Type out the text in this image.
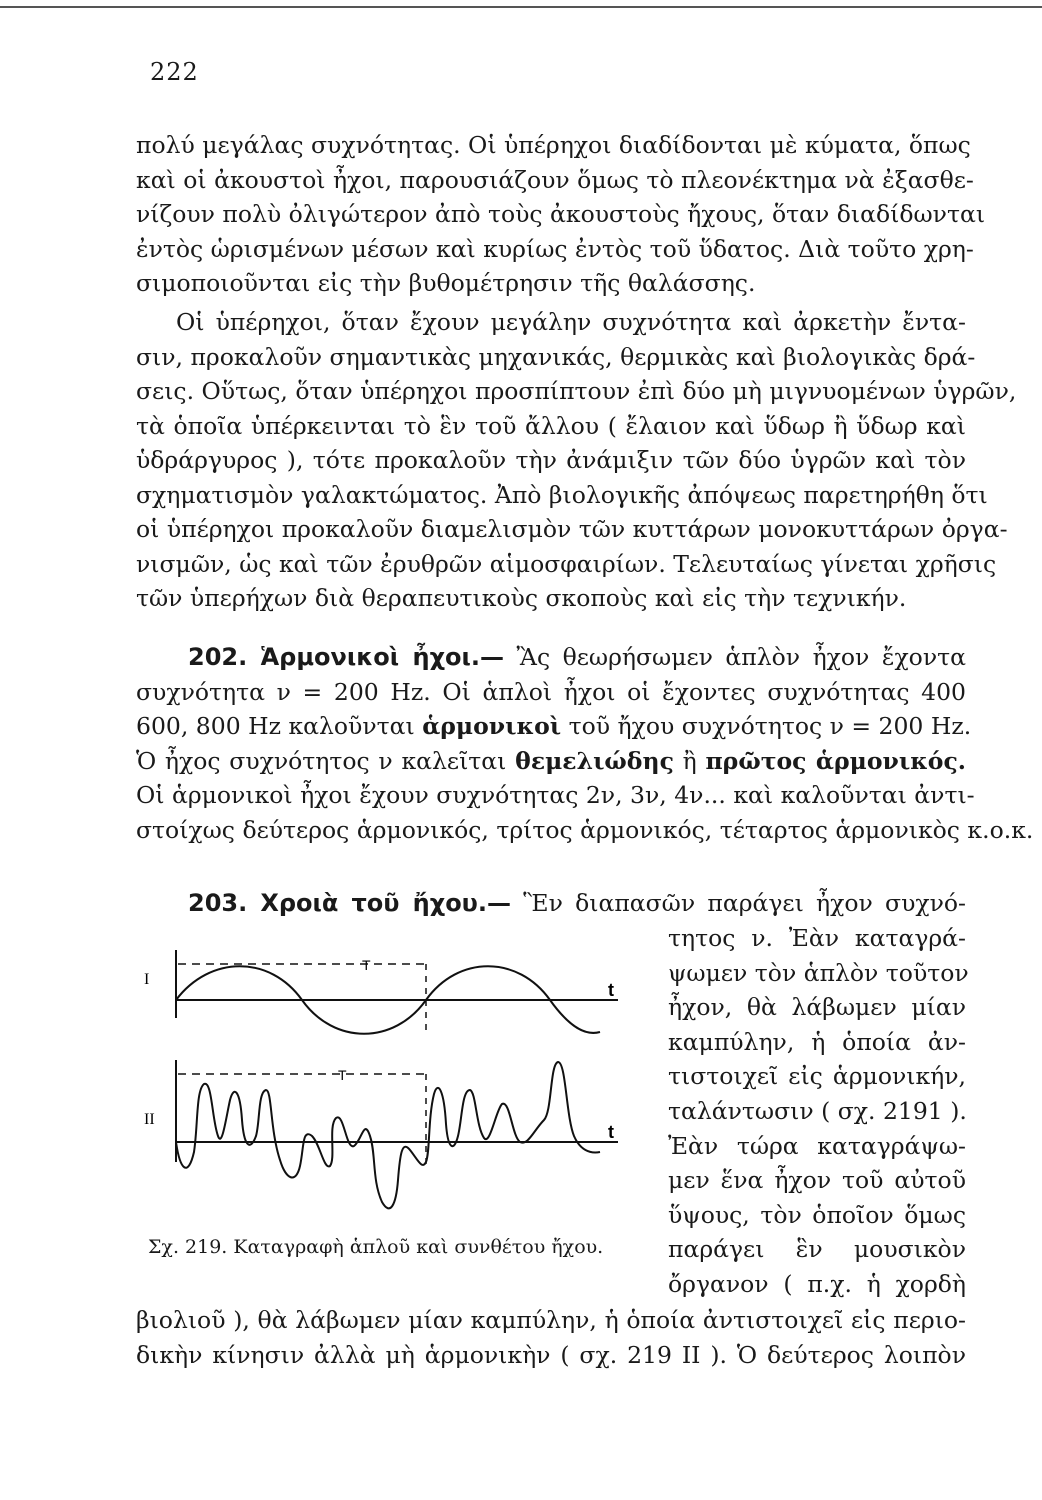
222
πολύ μεγάλας συχνότητας. Οἱ ὑπέρηχοι διαδίδονται μὲ κύματα, ὅπως
καὶ οἱ ἀκουστοὶ ἦχοι, παρουσιάζουν ὅμως τὸ πλεονέκτημα νὰ ἐξασθε-
νίζουν πολὺ ὀλιγώτερον ἀπὸ τοὺς ἀκουστοὺς ἤχους, ὅταν διαδίδωνται
ἐντὸς ὡρισμένων μέσων καὶ κυρίως ἐντὸς τοῦ ὕδατος. Διὰ τοῦτο χρη-
σιμοποιοῦνται εἰς τὴν βυθομέτρησιν τῆς θαλάσσης.
Οἱ ὑπέρηχοι, ὅταν ἔχουν μεγάλην συχνότητα καὶ ἀρκετὴν ἔντα-
σιν, προκαλοῦν σημαντικὰς μηχανικάς, θερμικὰς καὶ βιολογικὰς δρά-
σεις. Οὕτως, ὅταν ὑπέρηχοι προσπίπτουν ἐπὶ δύο μὴ μιγνυομένων ὑγρῶν,
τὰ ὁποῖα ὑπέρκεινται τὸ ἓν τοῦ ἄλλου ( ἔλαιον καὶ ὕδωρ ἢ ὕδωρ καὶ
ὑδράργυρος ), τότε προκαλοῦν τὴν ἀνάμιξιν τῶν δύο ὑγρῶν καὶ τὸν
σχηματισμὸν γαλακτώματος. Ἀπὸ βιολογικῆς ἀπόψεως παρετηρήθη ὅτι
οἱ ὑπέρηχοι προκαλοῦν διαμελισμὸν τῶν κυττάρων μονοκυττάρων ὀργα-
νισμῶν, ὡς καὶ τῶν ἐρυθρῶν αἱμοσφαιρίων. Τελευταίως γίνεται χρῆσις
τῶν ὑπερήχων διὰ θεραπευτικοὺς σκοποὺς καὶ εἰς τὴν τεχνικήν.
202. Ἁρμονικοὶ ἦχοι.— Ἂς θεωρήσωμεν ἁπλὸν ἦχον ἔχοντα
συχνότητα ν = 200 Hz. Οἱ ἁπλοὶ ἦχοι οἱ ἔχοντες συχνότητας 400
600, 800 Hz καλοῦνται ἁρμονικοὶ τοῦ ἤχου συχνότητος ν = 200 Hz.
Ὁ ἦχος συχνότητος ν καλεῖται θεμελιώδης ἢ πρῶτος ἁρμονικός.
Οἱ ἁρμονικοὶ ἦχοι ἔχουν συχνότητας 2ν, 3ν, 4ν... καὶ καλοῦνται ἀντι-
στοίχως δεύτερος ἁρμονικός, τρίτος ἁρμονικός, τέταρτος ἁρμονικὸς κ.ο.κ.
203. Χροιὰ τοῦ ἤχου.— Ἓν διαπασῶν παράγει ἦχον συχνό-
τητος ν. Ἐὰν καταγρά-
ψωμεν τὸν ἁπλὸν τοῦτον
ἦχον, θὰ λάβωμεν μίαν
καμπύλην, ἡ ὁποία ἀν-
τιστοιχεῖ εἰς ἁρμονικήν,
ταλάντωσιν ( σχ. 2191 ).
Ἐὰν τώρα καταγράψω-
μεν ἕνα ἦχον τοῦ αὐτοῦ
ὕψους, τὸν ὁποῖον ὅμως
παράγει ἓν μουσικὸν
ὄργανον ( π.χ. ἡ χορδὴ
βιολιοῦ ), θὰ λάβωμεν μίαν καμπύλην, ἡ ὁποία ἀντιστοιχεῖ εἰς περιο-
δικὴν κίνησιν ἀλλὰ μὴ ἁρμονικὴν ( σχ. 219 II ). Ὁ δεύτερος λοιπὸν
I
T
t
II
T
t
Σχ. 219. Καταγραφὴ ἁπλοῦ καὶ συνθέτου ἤχου.
